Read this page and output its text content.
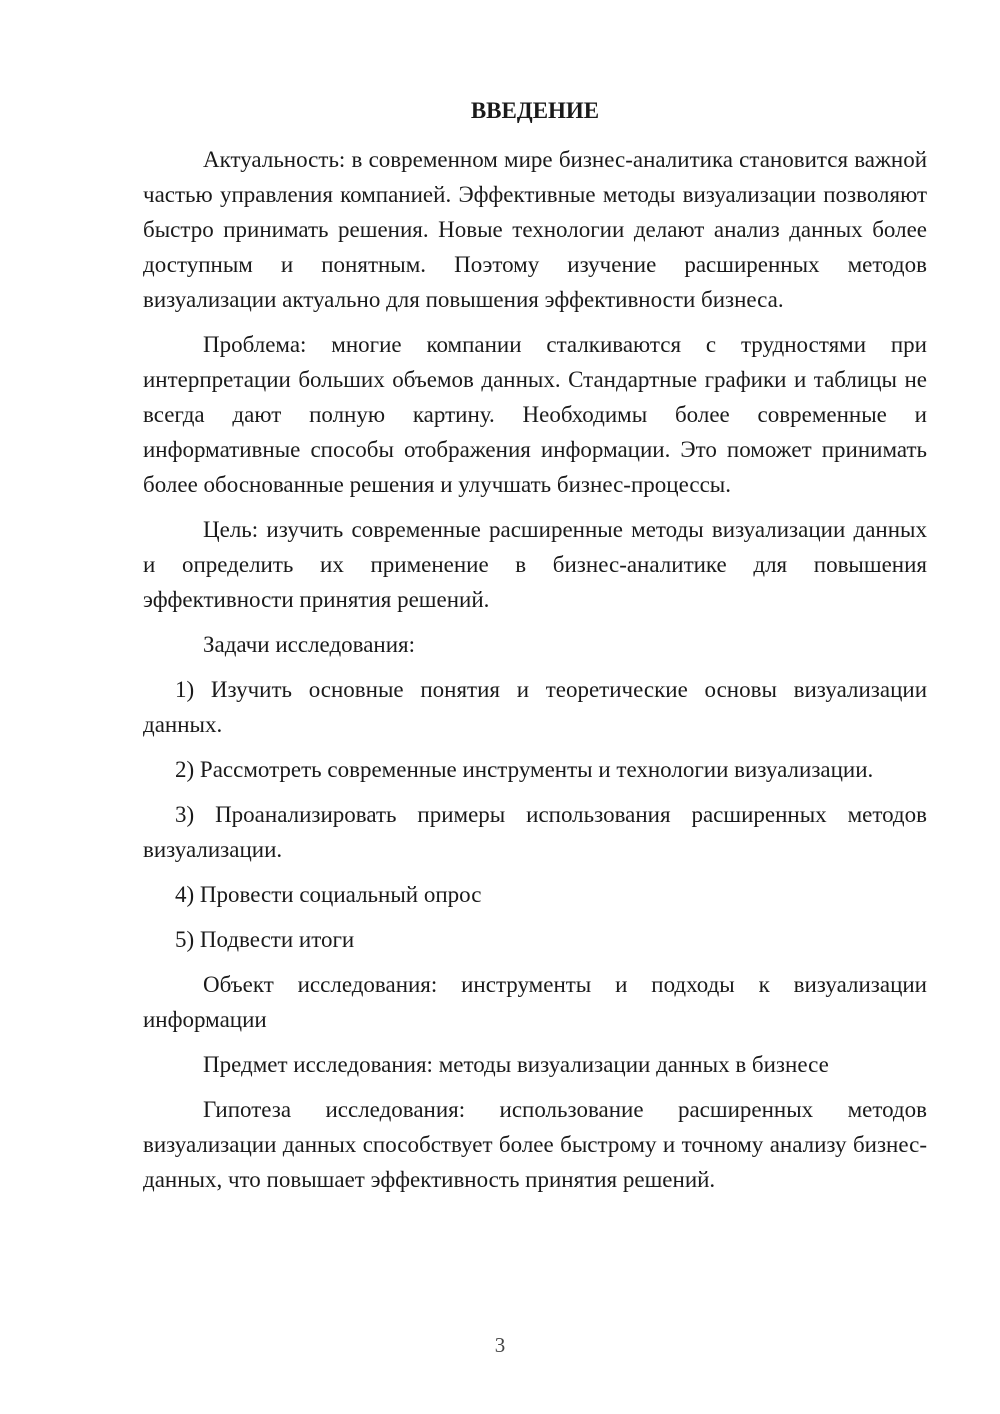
ВВЕДЕНИЕ

Актуальность: в современном мире бизнес-аналитика становится важной частью управления компанией. Эффективные методы визуализации позволяют быстро принимать решения. Новые технологии делают анализ данных более доступным и понятным. Поэтому изучение расширенных методов визуализации актуально для повышения эффективности бизнеса.

Проблема: многие компании сталкиваются с трудностями при интерпретации больших объемов данных. Стандартные графики и таблицы не всегда дают полную картину. Необходимы более современные и информативные способы отображения информации. Это поможет принимать более обоснованные решения и улучшать бизнес-процессы.

Цель: изучить современные расширенные методы визуализации данных и определить их применение в бизнес-аналитике для повышения эффективности принятия решений.

Задачи исследования:

1) Изучить основные понятия и теоретические основы визуализации данных.

2) Рассмотреть современные инструменты и технологии визуализации.

3) Проанализировать примеры использования расширенных методов визуализации.

4) Провести социальный опрос

5) Подвести итоги

Объект исследования: инструменты и подходы к визуализации информации

Предмет исследования: методы визуализации данных в бизнесе

Гипотеза исследования: использование расширенных методов визуализации данных способствует более быстрому и точному анализу бизнес-данных, что повышает эффективность принятия решений.

3
